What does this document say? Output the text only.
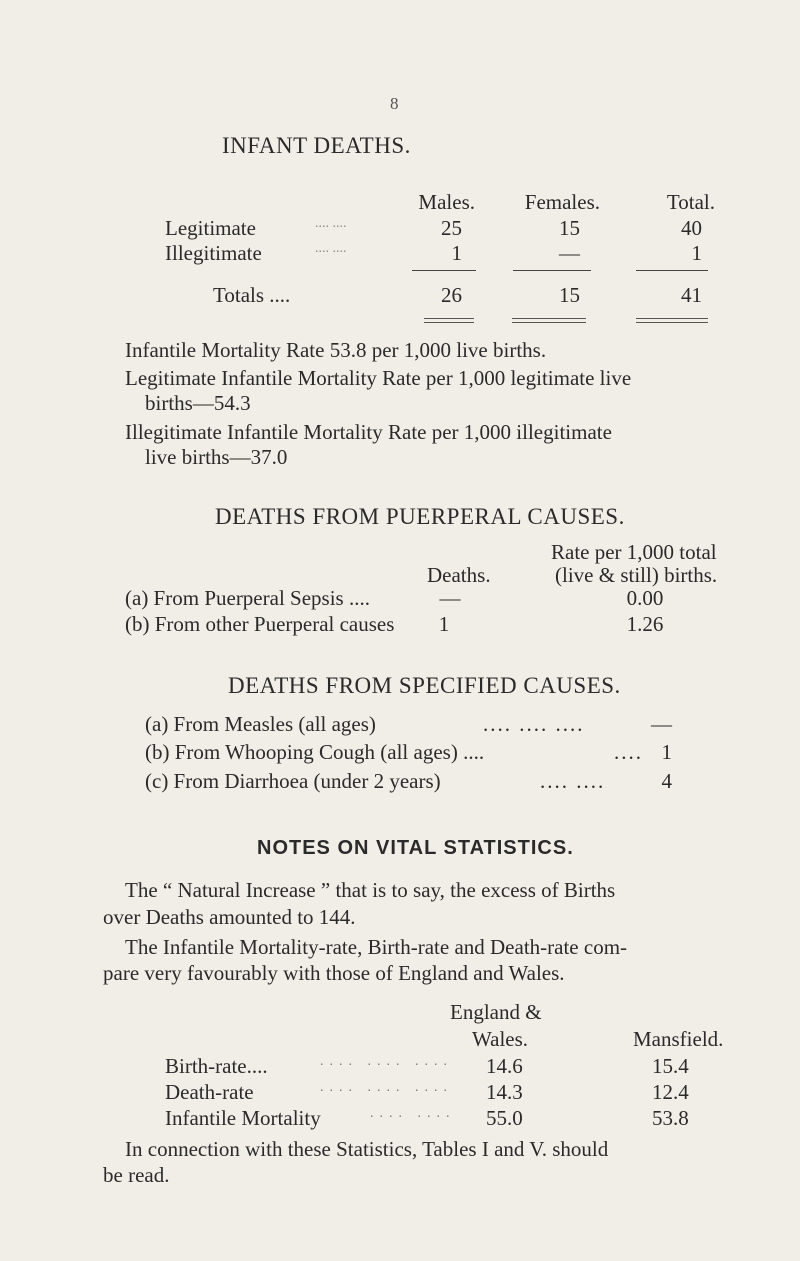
8
INFANT DEATHS.
Males.	Females.	Total.
Legitimate	.... ....	25	15	40
Illegitimate	.... ....	1	—	1
Totals ....	26	15	41
Infantile Mortality Rate 53.8 per 1,000 live births.
Legitimate Infantile Mortality Rate per 1,000 legitimate live
births—54.3
Illegitimate Infantile Mortality Rate per 1,000 illegitimate
live births—37.0
DEATHS FROM PUERPERAL CAUSES.
Rate per 1,000 total
Deaths.	(live & still) births.
(a) From Puerperal Sepsis ....	—	0.00
(b) From other Puerperal causes	1	1.26
DEATHS FROM SPECIFIED CAUSES.
(a) From Measles (all ages)	.... .... ....	—
(b) From Whooping Cough (all ages) ....	.... 1
(c) From Diarrhoea (under 2 years)	.... ....	4
NOTES ON VITAL STATISTICS.
The “ Natural Increase ” that is to say, the excess of Births
over Deaths amounted to 144.
The Infantile Mortality-rate, Birth-rate and Death-rate com-
pare very favourably with those of England and Wales.
England &
Wales.	Mansfield.
Birth-rate....	.... .... .... 14.6	15.4
Death-rate	.... .... .... 14.3	12.4
Infantile Mortality	.... .... 55.0	53.8
In connection with these Statistics, Tables I and V. should
be read.
